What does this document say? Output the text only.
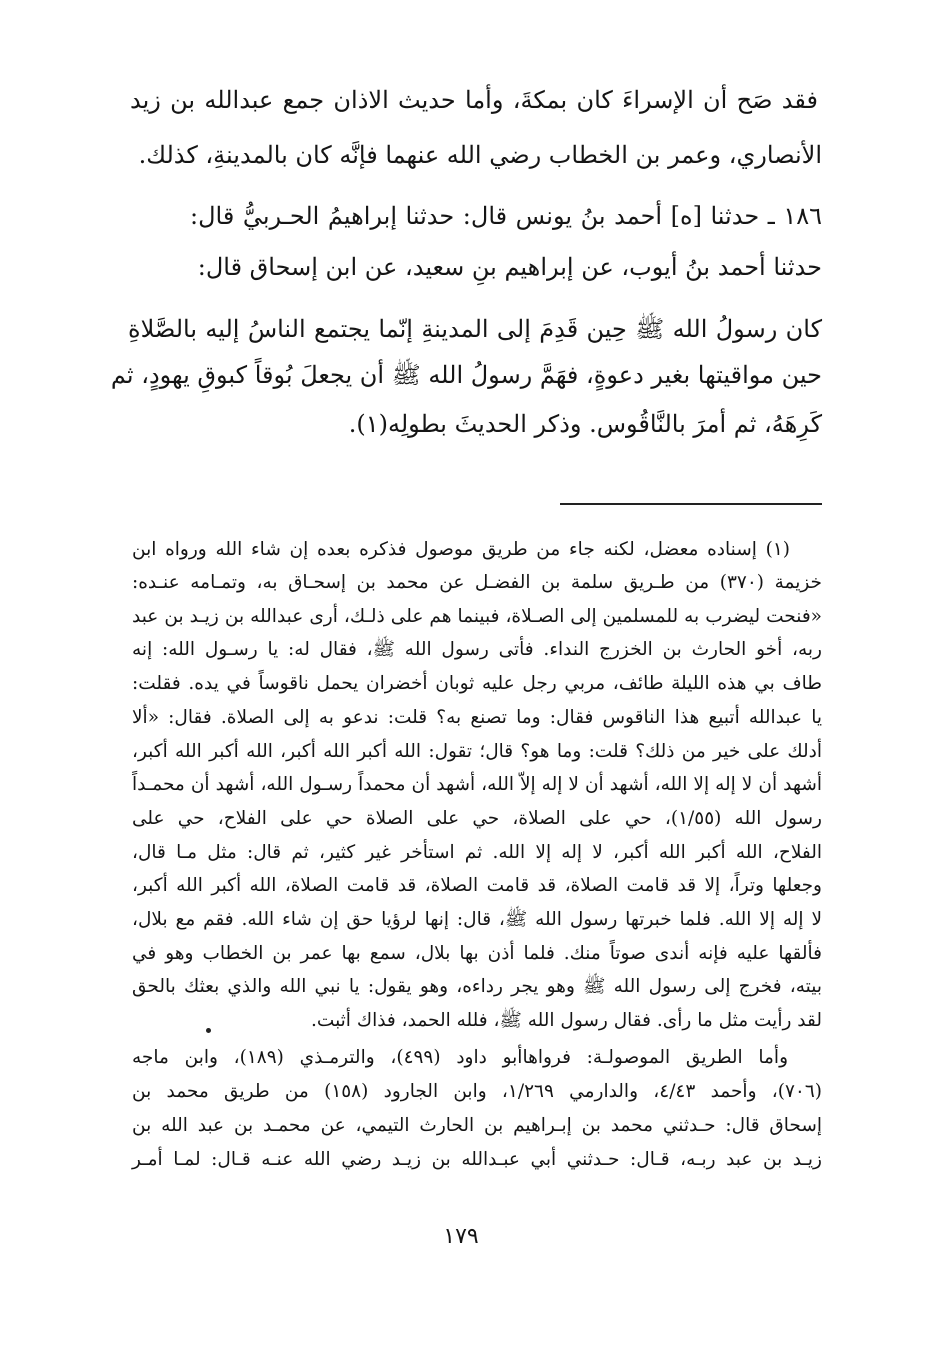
فقد صَح أن الإسراءَ كان بمكةَ، وأما حديث الاذان جمع عبدالله بن زيد
الأنصاري، وعمر بن الخطاب رضي الله عنهما فإنَّه كان بالمدينةِ، كذلك.
١٨٦ ـ حدثنا [ه] أحمد بنُ يونس قال: حدثنا إبراهيمُ الحـربيُّ قال:
حدثنا أحمد بنُ أيوب، عن إبراهيم بنِ سعيد، عن ابن إسحاق قال:
كان رسولُ الله ﷺ حِين قَدِمَ إلى المدينةِ إنّما يجتمع الناسُ إليه بالصَّلاةِ
حين مواقيتها بغير دعوةٍ، فهَمَّ رسولُ الله ﷺ أن يجعلَ بُوقاً كبوقِ يهودٍ، ثم
كَرِهَهُ، ثم أمرَ بالنَّاقُوس. وذكر الحديثَ بطولِه(١).
(١) إسناده معضل، لكنه جاء من طريق موصول فذكره بعده إن شاء الله ورواه ابن
خزيمة (٣٧٠) من طـريق سلمة بن الفضـل عن محمد بن إسحـاق به، وتمـامه عنـده:
«فنحت ليضرب به للمسلمين إلى الصـلاة، فبينما هم على ذلـك، أرى عبدالله بن زيـد بن عبد
ربه، أخو الحارث بن الخزرج النداء. فأتى رسول الله ﷺ، فقال له: يا رسـول الله: إنه
طاف بي هذه الليلة طائف، مربي رجل عليه ثوبان أخضران يحمل ناقوساً في يده. فقلت:
يا عبدالله أتبيع هذا الناقوس فقال: وما تصنع به؟ قلت: ندعو به إلى الصلاة. فقال: «ألا
أدلك على خير من ذلك؟ قلت: وما هو؟ قال؛ تقول: الله أكبر الله أكبر، الله أكبر الله أكبر،
أشهد أن لا إله إلا الله، أشهد أن لا إله إلاّ الله، أشهد أن محمداً رسـول الله، أشهد أن محمـداً
رسول الله (١/٥٥)، حي على الصلاة، حي على الصلاة حي على الفلاح، حي على
الفلاح، الله أكبر الله أكبر، لا إله إلا الله. ثم استأخر غير كثير، ثم قال: مثل مـا قال،
وجعلها وتراً، إلا قد قامت الصلاة، قد قامت الصلاة، قد قامت الصلاة، الله أكبر الله أكبر،
لا إله إلا الله. فلما خبرتها رسول الله ﷺ، قال: إنها لرؤيا حق إن شاء الله. فقم مع بلال،
فألقها عليه فإنه أندى صوتاً منك. فلما أذن بها بلال، سمع بها عمر بن الخطاب وهو في
بيته، فخرج إلى رسول الله ﷺ وهو يجر رداءه، وهو يقول: يا نبي الله والذي بعثك بالحق
لقد رأيت مثل ما رأى. فقال رسول الله ﷺ، فلله الحمد، فذاك أثبت.
وأما الطريق الموصولـة: فرواهاأبو داود (٤٩٩)، والترمـذي (١٨٩)، وابن ماجه
(٧٠٦)، وأحمد ٤/٤٣، والدارمي ١/٢٦٩، وابن الجارود (١٥٨) من طريق محمد بن
إسحاق قال: حـدثني محمد بن إبـراهيم بن الحارث التيمي، عن محمـد بن عبد الله بن
زيـد بن عبد ربـه، قـال: حـدثني أبي عبـدالله بن زيـد رضي الله عنـه قـال: لمـا أمـر
١٧٩
